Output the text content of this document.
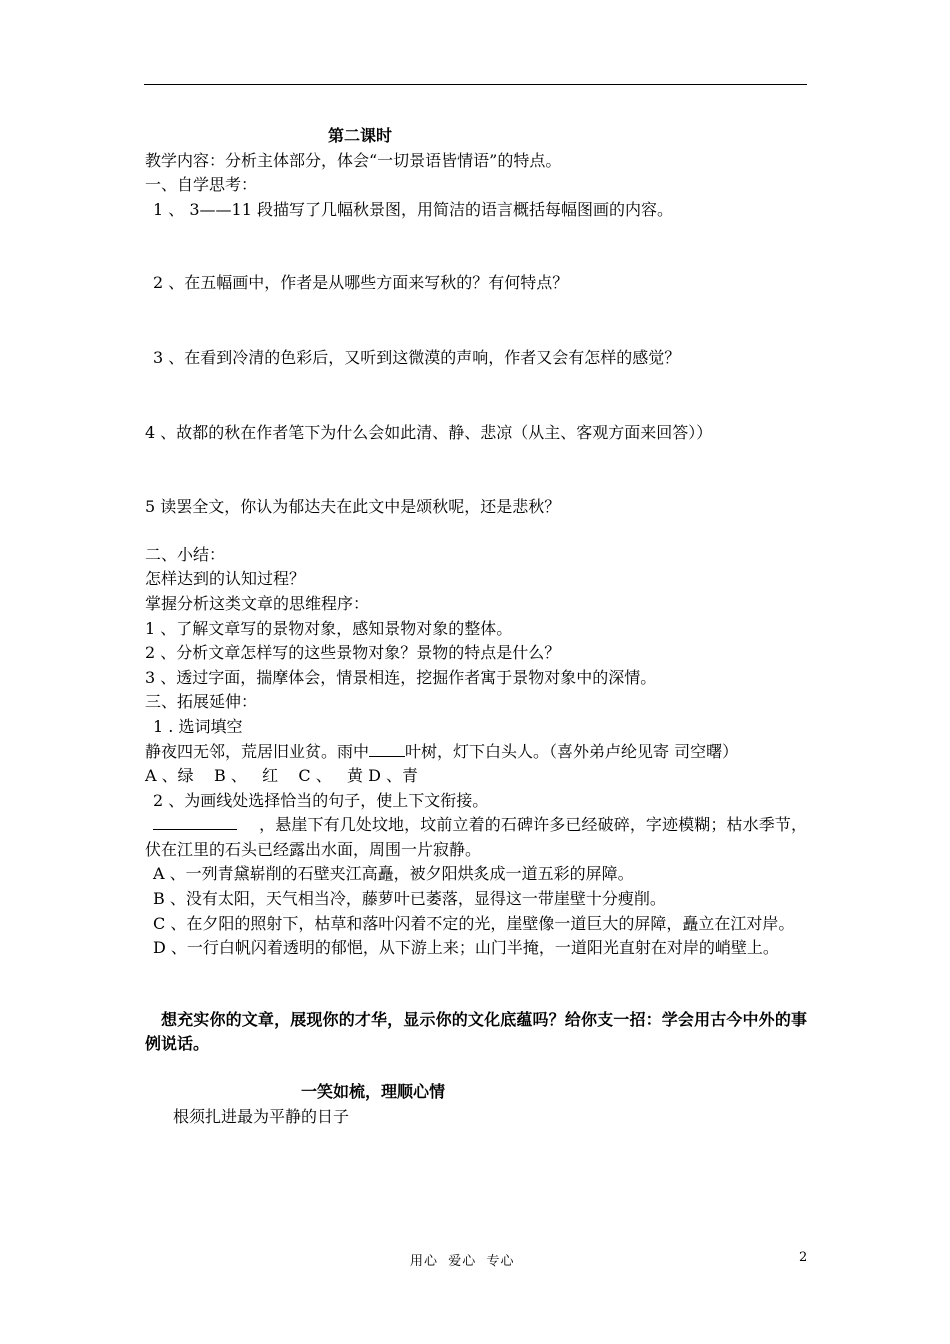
第二课时

教学内容：分析主体部分，体会“一切景语皆情语”的特点。

一、自学思考：

1 、 3——11 段描写了几幅秋景图，用简洁的语言概括每幅图画的内容。

2 、在五幅画中，作者是从哪些方面来写秋的？有何特点？

3 、在看到冷清的色彩后，又听到这微漠的声响，作者又会有怎样的感觉？

4 、故都的秋在作者笔下为什么会如此清、静、悲凉（从主、客观方面来回答））

5 读罢全文，你认为郁达夫在此文中是颂秋呢，还是悲秋？

二、小结：

怎样达到的认知过程？

掌握分析这类文章的思维程序：

1 、了解文章写的景物对象，感知景物对象的整体。

2 、分析文章怎样写的这些景物对象？景物的特点是什么？

3 、透过字面，揣摩体会，情景相连，挖掘作者寓于景物对象中的深情。

三、拓展延伸：

1 . 选词填空

静夜四无邻，荒居旧业贫。雨中 叶树，灯下白头人。（喜外弟卢纶见寄 司空曙）

A 、绿    B 、   红    C 、   黄 D 、青

2 、为画线处选择恰当的句子，使上下文衔接。

，悬崖下有几处坟地，坟前立着的石碑许多已经破碎，字迹模糊；枯水季节，伏在江里的石头已经露出水面，周围一片寂静。

A 、一列青黛崭削的石壁夹江高矗，被夕阳烘炙成一道五彩的屏障。

B 、没有太阳，天气相当冷，藤萝叶已萎落，显得这一带崖壁十分瘦削。

C 、在夕阳的照射下，枯草和落叶闪着不定的光，崖壁像一道巨大的屏障，矗立在江对岸。

D 、一行白帆闪着透明的郁悒，从下游上来；山门半掩，一道阳光直射在对岸的峭壁上。

想充实你的文章，展现你的才华，显示你的文化底蕴吗？给你支一招：学会用古今中外的事例说话。

一笑如梳，理顺心情

根须扎进最为平静的日子

用心  爱心  专心	2
